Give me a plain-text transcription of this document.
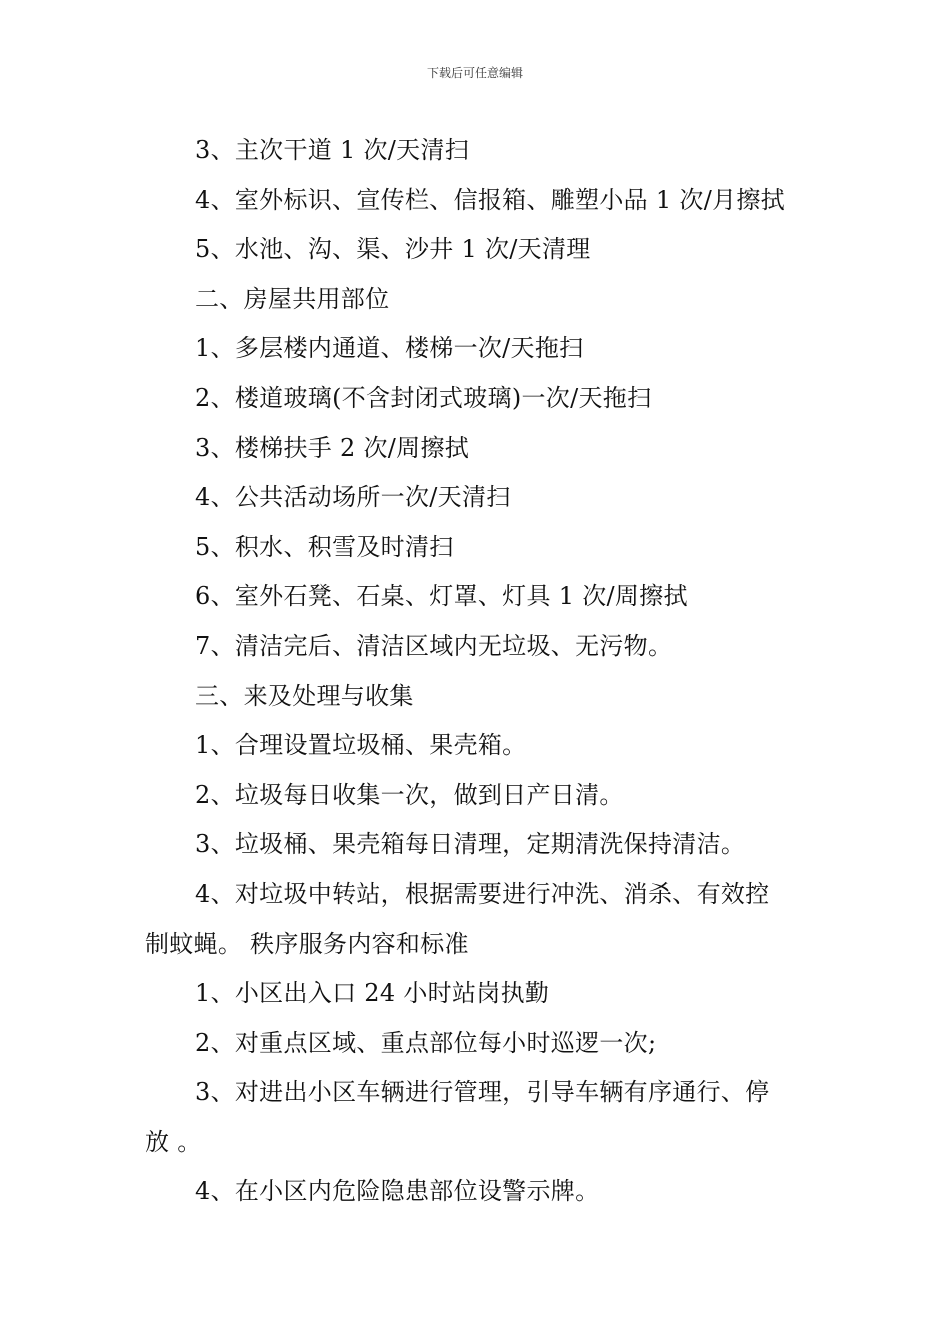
下载后可任意编辑
3、主次干道 1 次/天清扫
4、室外标识、宣传栏、信报箱、雕塑小品 1 次/月擦拭
5、水池、沟、渠、沙井 1 次/天清理
二、房屋共用部位
1、多层楼内通道、楼梯一次/天拖扫
2、楼道玻璃(不含封闭式玻璃)一次/天拖扫
3、楼梯扶手 2 次/周擦拭
4、公共活动场所一次/天清扫
5、积水、积雪及时清扫
6、室外石凳、石桌、灯罩、灯具 1 次/周擦拭
7、清洁完后、清洁区域内无垃圾、无污物。
三、来及处理与收集
1、合理设置垃圾桶、果壳箱。
2、垃圾每日收集一次，做到日产日清。
3、垃圾桶、果壳箱每日清理，定期清洗保持清洁。
4、对垃圾中转站，根据需要进行冲洗、消杀、有效控
制蚊蝇。 秩序服务内容和标准
1、小区出入口 24 小时站岗执勤
2、对重点区域、重点部位每小时巡逻一次;
3、对进出小区车辆进行管理，引导车辆有序通行、停
放 。
4、在小区内危险隐患部位设警示牌。
